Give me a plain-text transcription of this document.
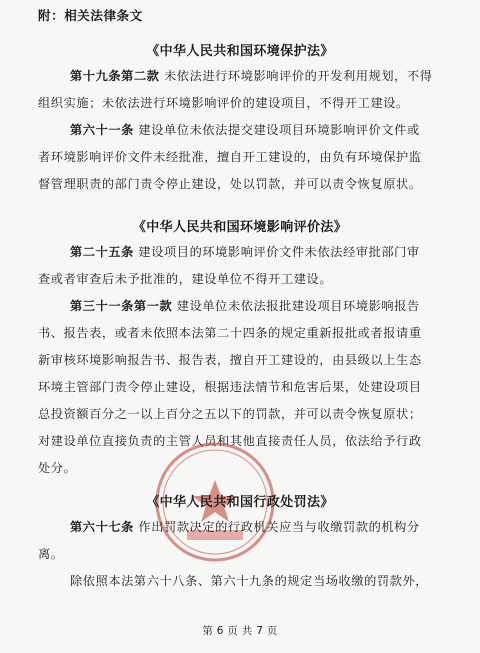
附：相关法律条文
《中华人民共和国环境保护法》
第十九条第二款 未依法进行环境影响评价的开发利用规划，不得
组织实施；未依法进行环境影响评价的建设项目，不得开工建设。
第六十一条 建设单位未依法提交建设项目环境影响评价文件或
者环境影响评价文件未经批准，擅自开工建设的，由负有环境保护监
督管理职责的部门责令停止建设，处以罚款，并可以责令恢复原状。
《中华人民共和国环境影响评价法》
第二十五条 建设项目的环境影响评价文件未依法经审批部门审
查或者审查后未予批准的，建设单位不得开工建设。
第三十一条第一款 建设单位未依法报批建设项目环境影响报告
书、报告表，或者未依照本法第二十四条的规定重新报批或者报请重
新审核环境影响报告书、报告表，擅自开工建设的，由县级以上生态
环境主管部门责令停止建设，根据违法情节和危害后果，处建设项目
总投资额百分之一以上百分之五以下的罚款，并可以责令恢复原状；
对建设单位直接负责的主管人员和其他直接责任人员，依法给予行政
处分。
《中华人民共和国行政处罚法》
第六十七条 作出罚款决定的行政机关应当与收缴罚款的机构分
离。
除依照本法第六十八条、第六十九条的规定当场收缴的罚款外，
第 6 页 共 7 页
